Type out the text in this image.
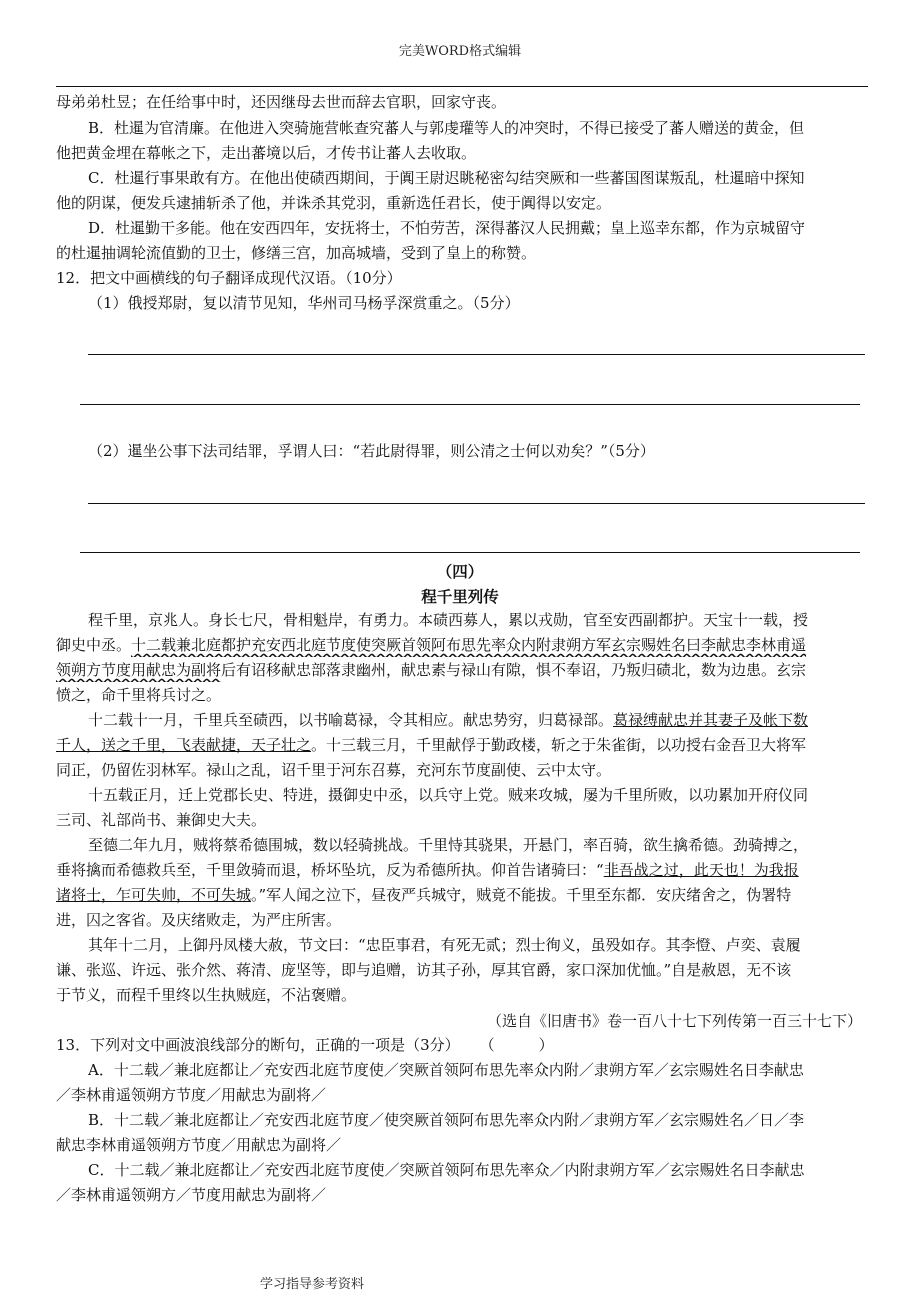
完美WORD格式编辑
母弟弟杜昱；在任给事中时，还因继母去世而辞去官职，回家守丧。
B．杜暹为官清廉。在他进入突骑施营帐查究蕃人与郭虔瓘等人的冲突时，不得已接受了蕃人赠送的黄金，但
他把黄金埋在幕帐之下，走出蕃境以后，才传书让蕃人去收取。
C．杜暹行事果敢有方。在他出使碛西期间，于阗王尉迟眺秘密勾结突厥和一些蕃国图谋叛乱，杜暹暗中探知
他的阴谋，便发兵逮捕斩杀了他，并诛杀其党羽，重新选任君长，使于阗得以安定。
D．杜暹勤干多能。他在安西四年，安抚将士，不怕劳苦，深得蕃汉人民拥戴；皇上巡幸东都，作为京城留守
的杜暹抽调轮流值勤的卫士，修缮三宫，加高城墙，受到了皇上的称赞。
12．把文中画横线的句子翻译成现代汉语。（10分）
（1）俄授郑尉，复以清节见知，华州司马杨孚深赏重之。（5分）
（2）暹坐公事下法司结罪，孚谓人曰：“若此尉得罪，则公清之士何以劝矣？”（5分）
（四）
程千里列传
程千里，京兆人。身长七尺，骨相魁岸，有勇力。本碛西募人，累以戎勋，官至安西副都护。天宝十一载，授
御史中丞。十二载兼北庭都护充安西北庭节度使突厥首领阿布思先率众内附隶朔方军玄宗赐姓名曰李献忠李林甫遥
领朔方节度用献忠为副将后有诏移献忠部落隶幽州，献忠素与禄山有隙，惧不奉诏，乃叛归碛北，数为边患。玄宗
愤之，命千里将兵讨之。
十二载十一月，千里兵至碛西，以书喻葛禄，令其相应。献忠势穷，归葛禄部。葛禄缚献忠并其妻子及帐下数
千人，送之千里，飞表献捷，天子壮之。十三载三月，千里献俘于勤政楼，斩之于朱雀街，以功授右金吾卫大将军
同正，仍留佐羽林军。禄山之乱，诏千里于河东召募，充河东节度副使、云中太守。
十五载正月，迁上党郡长史、特进，摄御史中丞，以兵守上党。贼来攻城，屡为千里所败，以功累加开府仪同
三司、礼部尚书、兼御史大夫。
至德二年九月，贼将蔡希德围城，数以轻骑挑战。千里恃其骁果，开悬门，率百骑，欲生擒希德。劲骑搏之，
垂将擒而希德救兵至，千里敛骑而退，桥坏坠坑，反为希德所执。仰首告诸骑曰：“非吾战之过，此天也！为我报
诸将士，乍可失帅，不可失城。”军人闻之泣下，昼夜严兵城守，贼竟不能拔。千里至东都．安庆绪舍之，伪署特
进，囚之客省。及庆绪败走，为严庄所害。
其年十二月，上御丹凤楼大赦，节文曰：“忠臣事君，有死无贰；烈士徇义，虽殁如存。其李憕、卢奕、袁履
谦、张巡、许远、张介然、蒋清、庞坚等，即与追赠，访其子孙，厚其官爵，家口深加优恤。”自是赦恩，无不该
于节义，而程千里终以生执贼庭，不沾褒赠。
（选自《旧唐书》卷一百八十七下列传第一百三十七下）
13．下列对文中画波浪线部分的断句，正确的一项是（3分） （	）
A．十二载／兼北庭都让／充安西北庭节度使／突厥首领阿布思先率众内附／隶朔方军／玄宗赐姓名日李献忠
／李林甫遥领朔方节度／用献忠为副将／
B．十二载／兼北庭都让／充安西北庭节度／使突厥首领阿布思先率众内附／隶朔方军／玄宗赐姓名／日／李
献忠李林甫遥领朔方节度／用献忠为副将／
C．十二载／兼北庭都让／充安西北庭节度使／突厥首领阿布思先率众／内附隶朔方军／玄宗赐姓名日李献忠
／李林甫遥领朔方／节度用献忠为副将／
学习指导参考资料
